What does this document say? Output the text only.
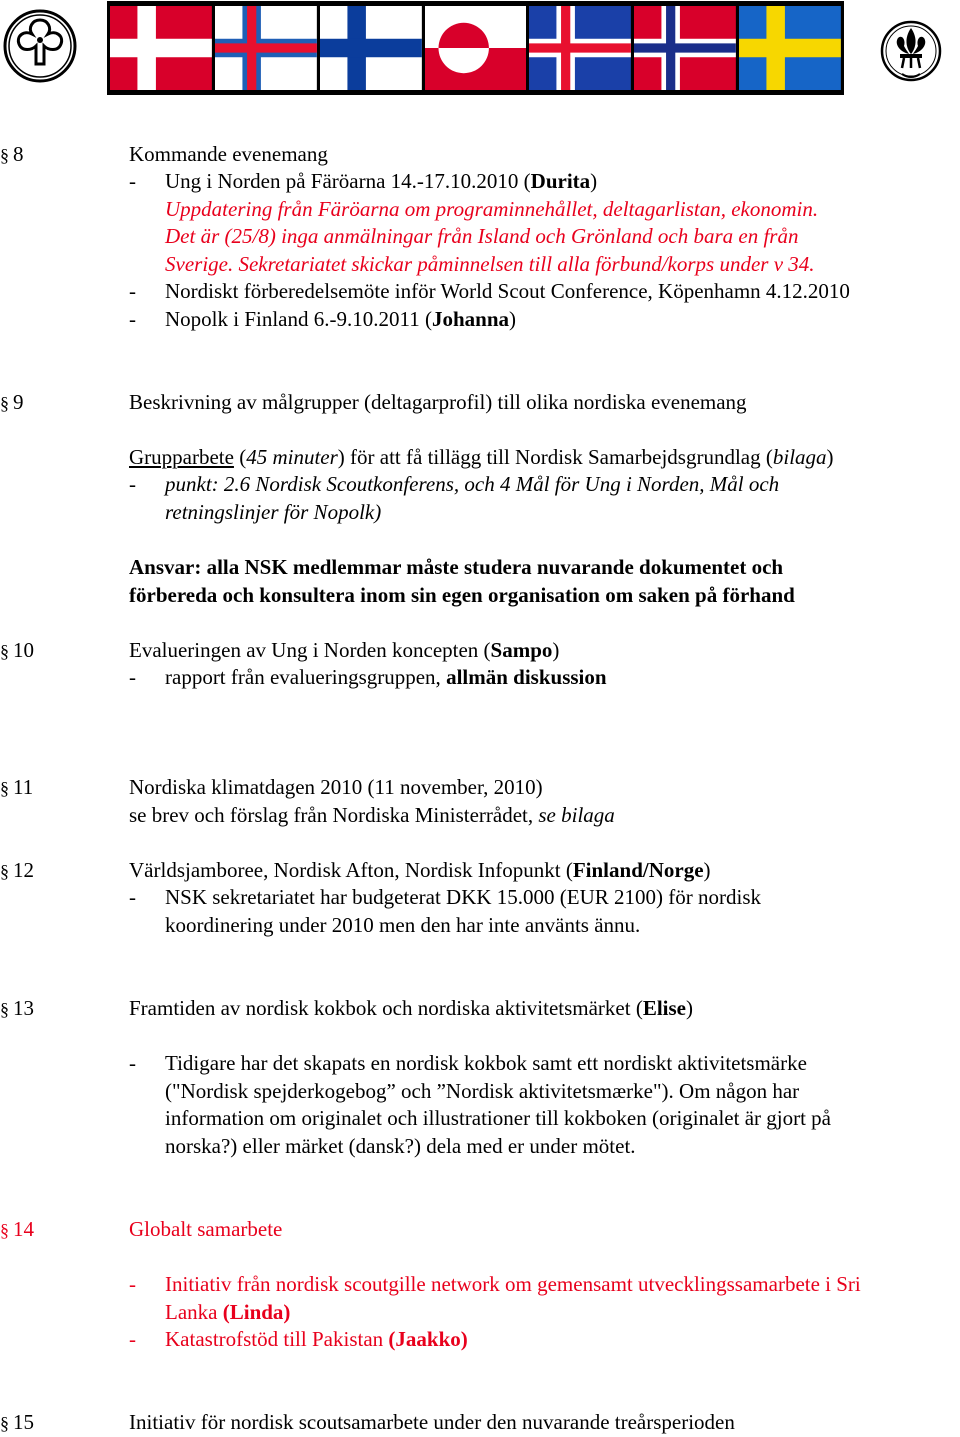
§ 8	Kommande evenemang
- Ung i Norden på Färöarna 14.-17.10.2010 (Durita)
Uppdatering från Färöarna om programinnehållet, deltagarlistan, ekonomin.
Det är (25/8) inga anmälningar från Island och Grönland och bara en från
Sverige. Sekretariatet skickar påminnelsen till alla förbund/korps under v 34.
- Nordiskt förberedelsemöte inför World Scout Conference, Köpenhamn 4.12.2010
- Nopolk i Finland 6.-9.10.2011 (Johanna)
§ 9	Beskrivning av målgrupper (deltagarprofil) till olika nordiska evenemang
Grupparbete (45 minuter) för att få tillägg till Nordisk Samarbejdsgrundlag (bilaga)
- punkt: 2.6 Nordisk Scoutkonferens, och 4 Mål för Ung i Norden, Mål och
retningslinjer för Nopolk)
Ansvar: alla NSK medlemmar måste studera nuvarande dokumentet och
förbereda och konsultera inom sin egen organisation om saken på förhand
§ 10	Evalueringen av Ung i Norden koncepten (Sampo)
- rapport från evalueringsgruppen, allmän diskussion
§ 11	Nordiska klimatdagen 2010 (11 november, 2010)
se brev och förslag från Nordiska Ministerrådet, se bilaga
§ 12	Världsjamboree, Nordisk Afton, Nordisk Infopunkt (Finland/Norge)
- NSK sekretariatet har budgeterat DKK 15.000 (EUR 2100) för nordisk
koordinering under 2010 men den har inte använts ännu.
§ 13	Framtiden av nordisk kokbok och nordiska aktivitetsmärket (Elise)
- Tidigare har det skapats en nordisk kokbok samt ett nordiskt aktivitetsmärke
("Nordisk spejderkogebog” och ”Nordisk aktivitetsmærke"). Om någon har
information om originalet och illustrationer till kokboken (originalet är gjort på
norska?) eller märket (dansk?) dela med er under mötet.
§ 14	Globalt samarbete
- Initiativ från nordisk scoutgille network om gemensamt utvecklingssamarbete i Sri
Lanka (Linda)
- Katastrofstöd till Pakistan (Jaakko)
§ 15	Initiativ för nordisk scoutsamarbete under den nuvarande treårsperioden
